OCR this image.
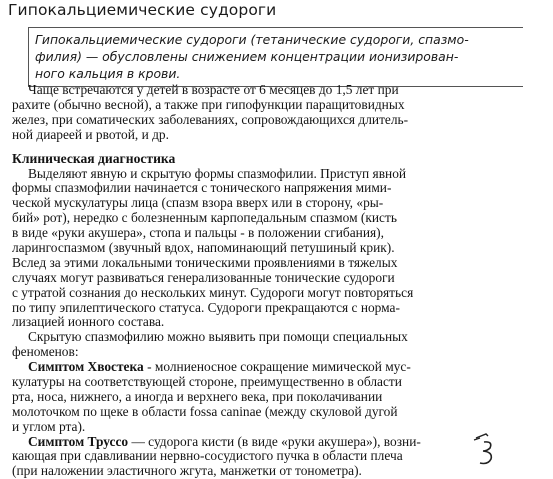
Гипокальциемические судороги
Гипокальциемические судороги (тетанические судороги, спазмо-
филия) — обусловлены снижением концентрации ионизирован-
ного кальция в крови.
Чаще встречаются у детей в возрасте от 6 месяцев до 1,5 лет при
рахите (обычно весной), а также при гипофункции паращитовидных
желез, при соматических заболеваниях, сопровождающихся длитель-
ной диареей и рвотой, и др.
Клиническая диагностика
Выделяют явную и скрытую формы спазмофилии. Приступ явной
формы спазмофилии начинается с тонического напряжения мими-
ческой мускулатуры лица (спазм взора вверх или в сторону, «ры-
бий» рот), нередко с болезненным карпопедальным спазмом (кисть
в виде «руки акушера», стопа и пальцы - в положении сгибания),
ларингоспазмом (звучный вдох, напоминающий петушиный крик).
Вслед за этими локальными тоническими проявлениями в тяжелых
случаях могут развиваться генерализованные тонические судороги
с утратой сознания до нескольких минут. Судороги могут повторяться
по типу эпилептического статуса. Судороги прекращаются с норма-
лизацией ионного состава.
Скрытую спазмофилию можно выявить при помощи специальных
феноменов:
Симптом Хвостека - молниеносное сокращение мимической мус-
кулатуры на соответствующей стороне, преимущественно в области
рта, носа, нижнего, а иногда и верхнего века, при поколачивании
молоточком по щеке в области fossa caninae (между скуловой дугой
и углом рта).
Симптом Труссо — судорога кисти (в виде «руки акушера»), возни-
кающая при сдавливании нервно-сосудистого пучка в области плеча
(при наложении эластичного жгута, манжетки от тонометра).
